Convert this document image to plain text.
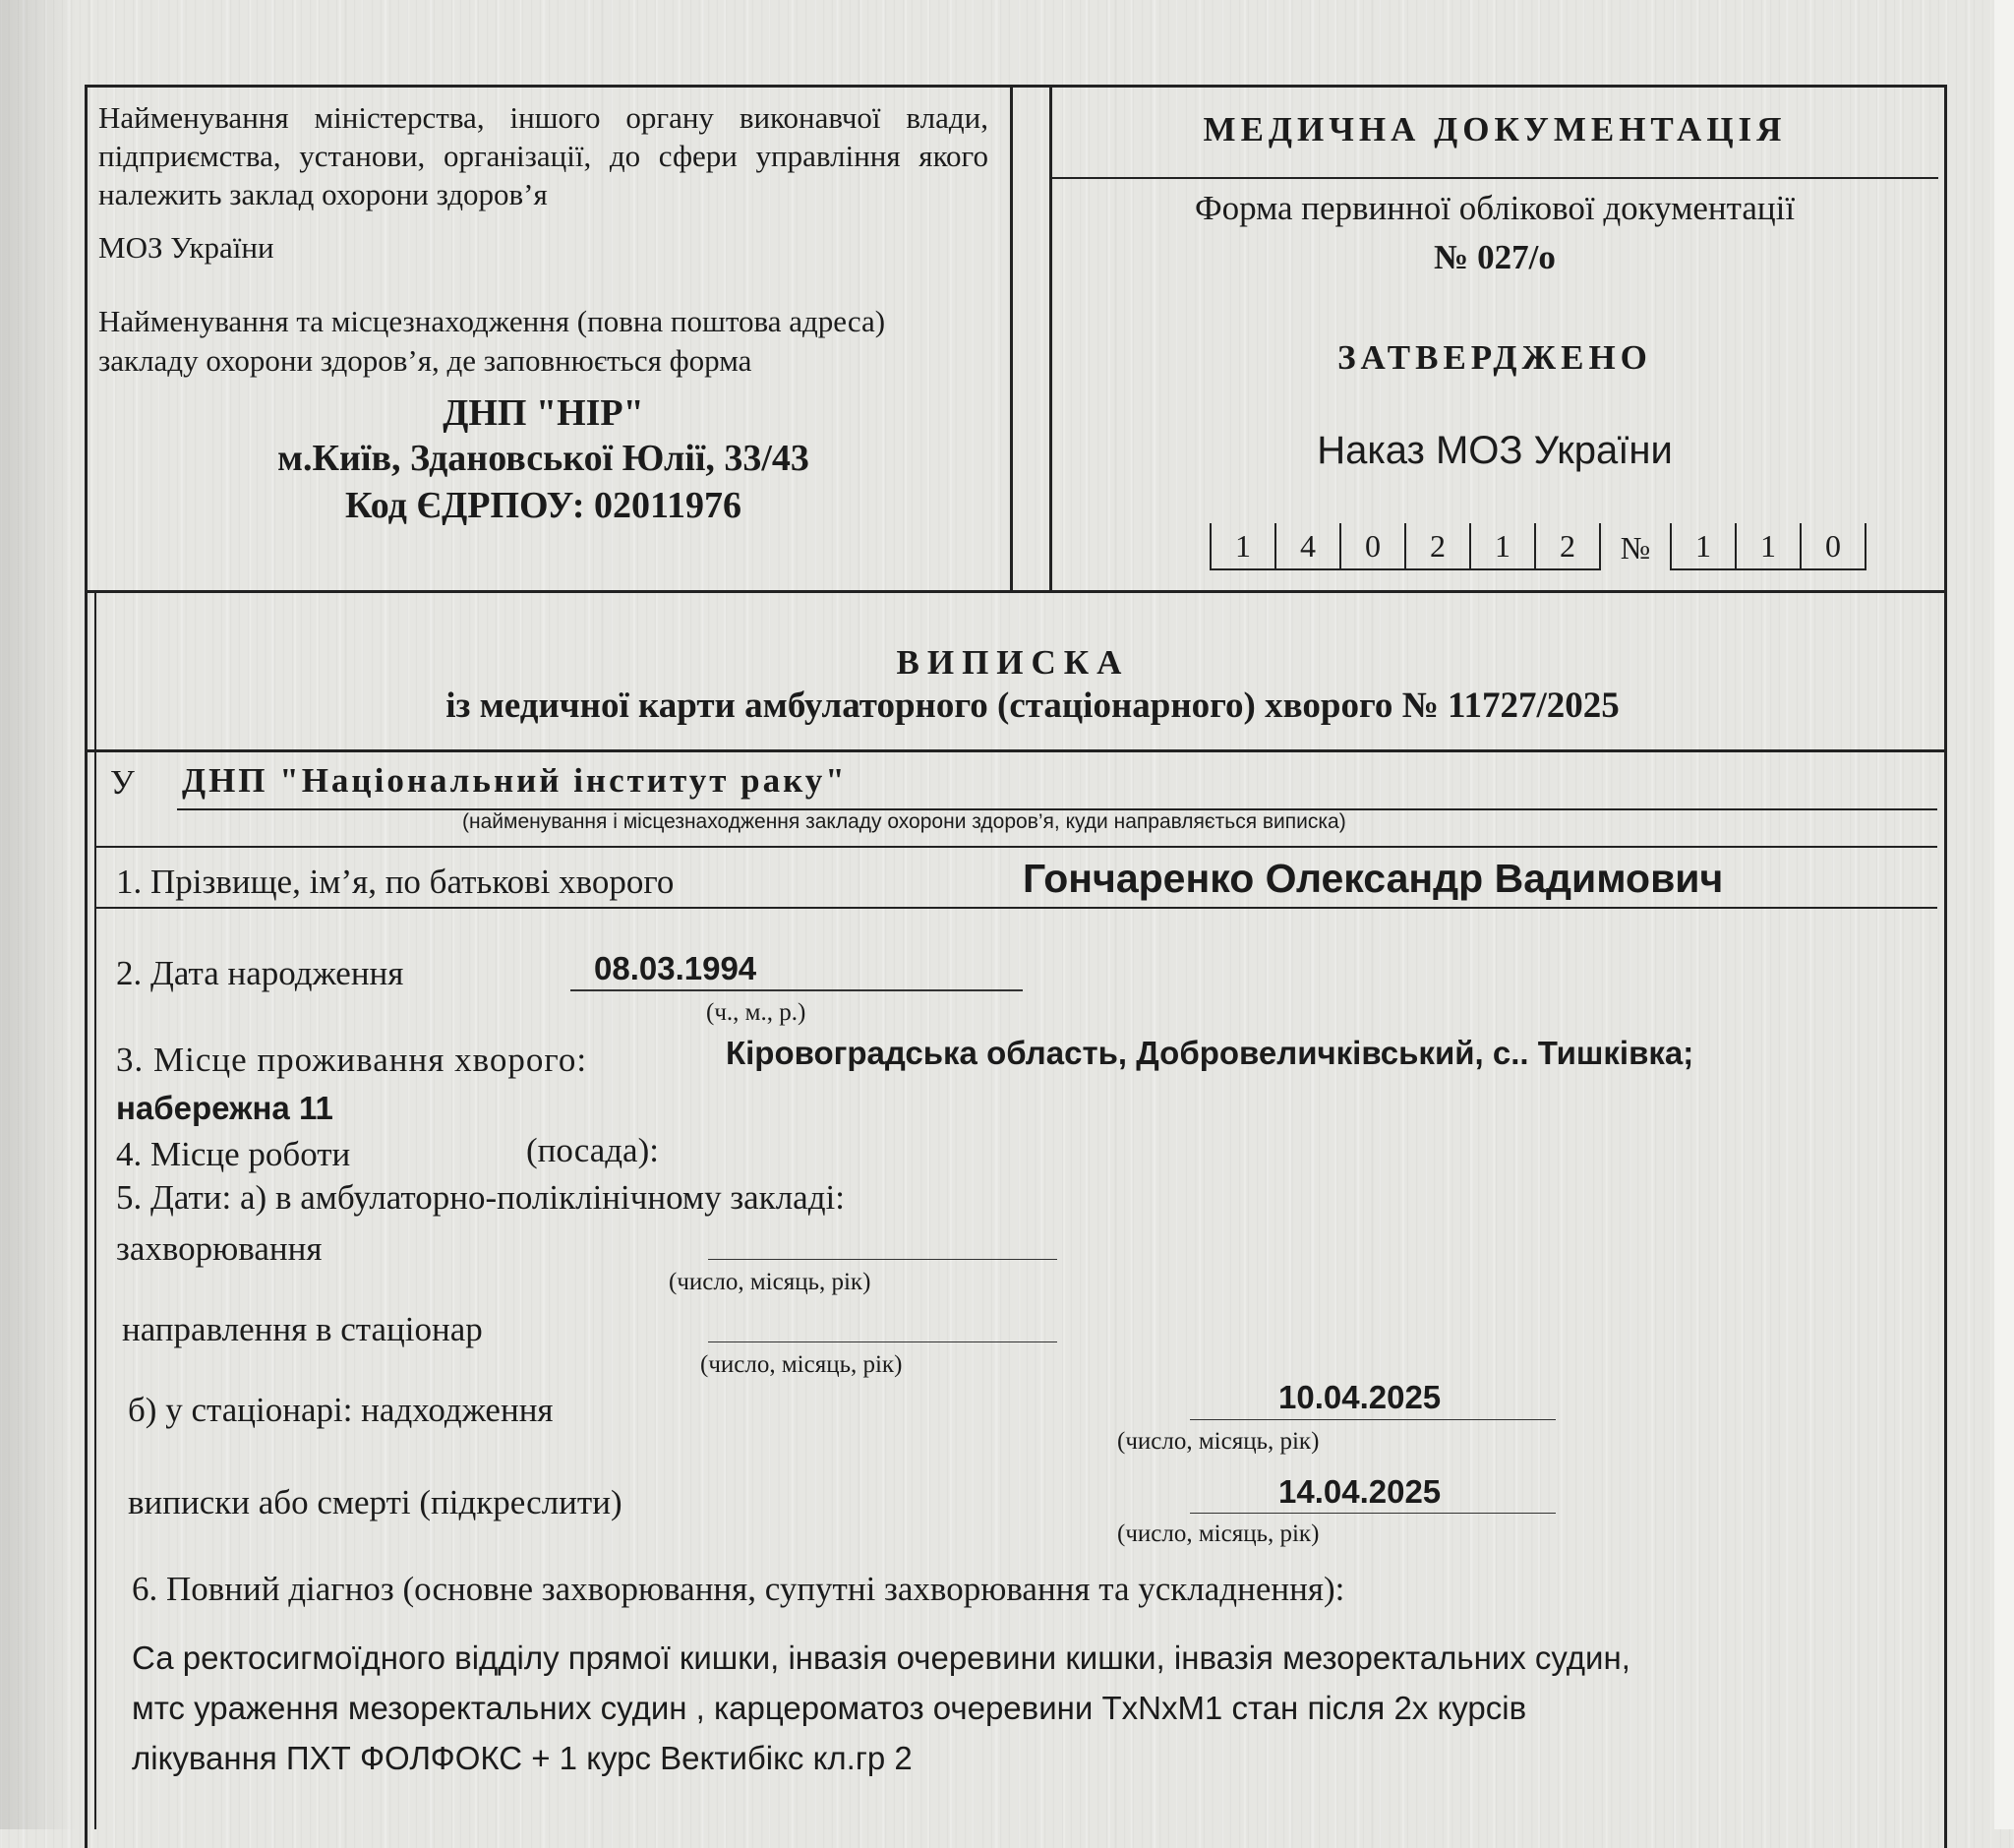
Найменування міністерства, іншого органу виконавчої влади, підприємства, установи, організації, до сфери управління якого належить заклад охорони здоров’я
МОЗ України
Найменування та місцезнаходження (повна поштова адреса) закладу охорони здоров’я, де заповнюється форма
ДНП "НІР"
м.Київ, Здановської Юлії, 33/43
Код ЄДРПОУ: 02011976
МЕДИЧНА ДОКУМЕНТАЦІЯ
Форма первинної облікової документації
№ 027/о
ЗАТВЕРДЖЕНО
Наказ МОЗ України
1	4	0	2	1	2	№	1	1	0
ВИПИСКА
із медичної карти амбулаторного (стаціонарного) хворого № 11727/2025
У ДНП "Національний інститут раку"
(найменування і місцезнаходження закладу охорони здоров’я, куди направляється виписка)
1. Прізвище, ім’я, по батькові хворого	Гончаренко Олександр Вадимович
2. Дата народження	08.03.1994
(ч., м., р.)
3. Місце проживання хворого:	Кіровоградська область, Добровеличківський, с.. Тишківка;
набережна 11
4. Місце роботи	(посада):
5. Дати: а) в амбулаторно-поліклінічному закладі:
захворювання
(число, місяць, рік)
направлення в стаціонар
(число, місяць, рік)
б) у стаціонарі: надходження	10.04.2025
(число, місяць, рік)
виписки або смерті (підкреслити)	14.04.2025
(число, місяць, рік)
6. Повний діагноз (основне захворювання, супутні захворювання та ускладнення):
Са ректосигмоїдного відділу прямої кишки, інвазія очеревини кишки, інвазія мезоректальних судин,
мтс ураження мезоректальних судин , карцероматоз очеревини TxNxM1 стан після 2х курсів
лікування ПХТ ФОЛФОКС + 1 курс Вектибікс кл.гр 2
